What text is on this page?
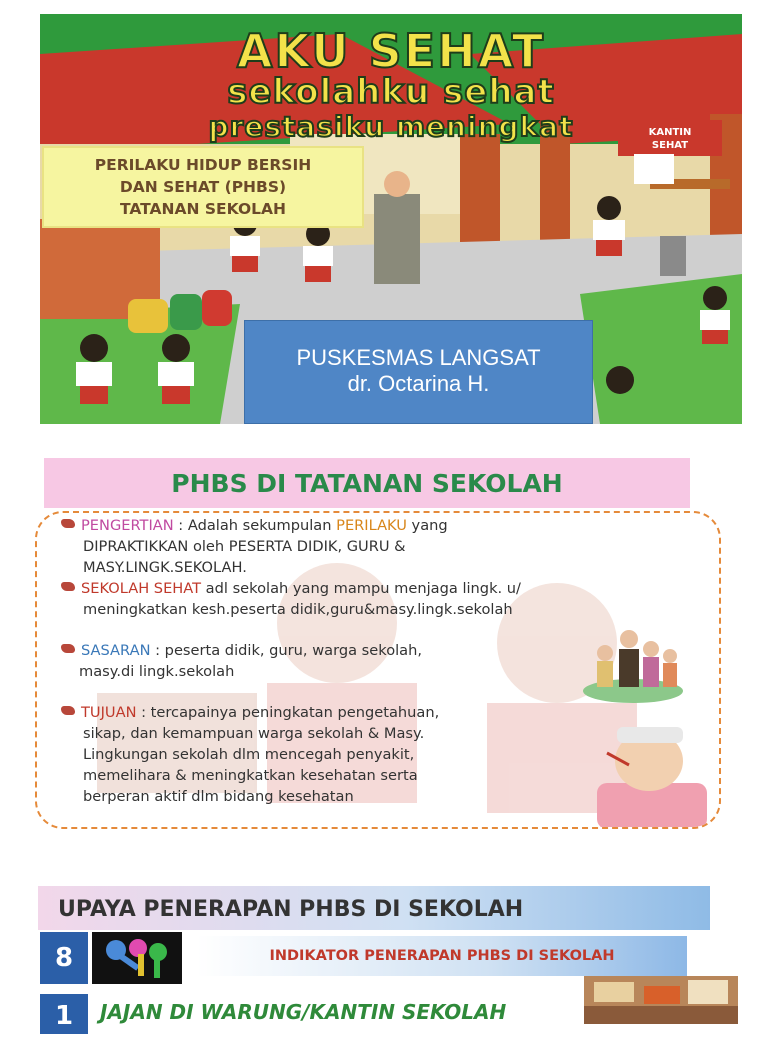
KANTIN
SEHAT
AKU SEHAT
sekolahku sehat
prestasiku meningkat
PERILAKU HIDUP BERSIH
DAN SEHAT (PHBS)
TATANAN SEKOLAH
PUSKESMAS LANGSAT
dr. Octarina H.
PHBS DI TATANAN SEKOLAH
PENGERTIAN : Adalah sekumpulan PERILAKU yang
DIPRAKTIKKAN oleh PESERTA DIDIK, GURU &
MASY.LINGK.SEKOLAH.
SEKOLAH SEHAT adl sekolah yang mampu menjaga lingk. u/
meningkatkan kesh.peserta didik,guru&masy.lingk.sekolah
SASARAN : peserta didik, guru, warga sekolah,
masy.di lingk.sekolah
TUJUAN : tercapainya peningkatan pengetahuan,
sikap, dan kemampuan warga sekolah & Masy.
Lingkungan sekolah dlm mencegah penyakit,
memelihara & meningkatkan kesehatan serta
berperan aktif dlm bidang kesehatan
UPAYA PENERAPAN PHBS DI SEKOLAH
8	INDIKATOR PENERAPAN PHBS DI SEKOLAH
1	JAJAN DI WARUNG/KANTIN SEKOLAH
